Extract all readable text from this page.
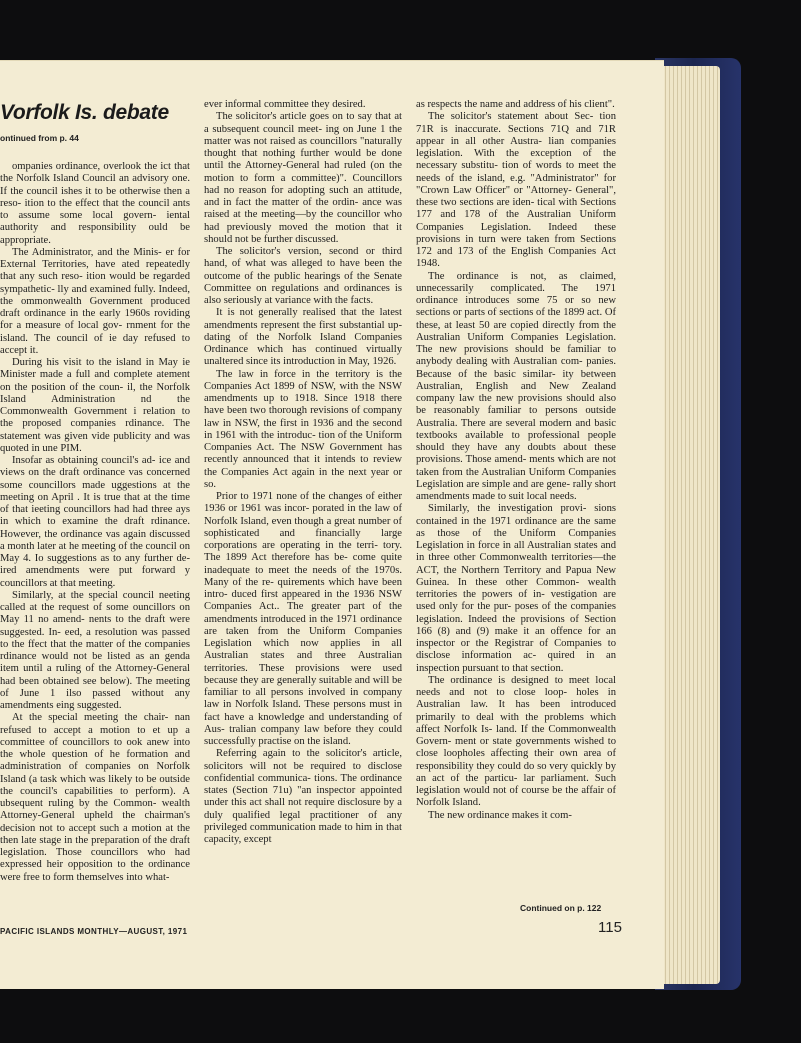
Vorfolk Is. debate
ontinued from p. 44

ompanies ordinance, overlook the ict that the Norfolk Island Council an advisory one. If the council ishes it to be otherwise then a reso- ition to the effect that the council ants to assume some local govern- iental authority and responsibility ould be appropriate.

The Administrator, and the Minis- er for External Territories, have ated repeatedly that any such reso- ition would be regarded sympathetic- lly and examined fully. Indeed, the ommonwealth Government produced draft ordinance in the early 1960s roviding for a measure of local gov- rnment for the island. The council of ie day refused to accept it.

During his visit to the island in May ie Minister made a full and complete atement on the position of the coun- il, the Norfolk Island Administration nd the Commonwealth Government i relation to the proposed companies rdinance. The statement was given vide publicity and was quoted in une PIM.

Insofar as obtaining council's ad- ice and views on the draft ordinance vas concerned some councillors made uggestions at the meeting on April . It is true that at the time of that ieeting councillors had had three ays in which to examine the draft rdinance. However, the ordinance vas again discussed a month later at he meeting of the council on May 4. Io suggestions as to any further de- ired amendments were put forward y councillors at that meeting.

Similarly, at the special council neeting called at the request of some ouncillors on May 11 no amend- nents to the draft were suggested. In- eed, a resolution was passed to the ffect that the matter of the companies rdinance would not be listed as an genda item until a ruling of the Attorney-General had been obtained see below). The meeting of June 1 ilso passed without any amendments eing suggested.

At the special meeting the chair- nan refused to accept a motion to et up a committee of councillors to ook anew into the whole question of he formation and administration of companies on Norfolk Island (a task which was likely to be outside the council's capabilities to perform). A ubsequent ruling by the Common- wealth Attorney-General upheld the chairman's decision not to accept such a motion at the then late stage in the preparation of the draft legislation. Those councillors who had expressed heir opposition to the ordinance were free to form themselves into what-

ever informal committee they desired.

The solicitor's article goes on to say that at a subsequent council meet- ing on June 1 the matter was not raised as councillors "naturally thought that nothing further would be done until the Attorney-General had ruled (on the motion to form a committee)". Councillors had no reason for adopting such an attitude, and in fact the matter of the ordin- ance was raised at the meeting—by the councillor who had previously moved the motion that it should not be further discussed.

The solicitor's version, second or third hand, of what was alleged to have been the outcome of the public hearings of the Senate Committee on regulations and ordinances is also seriously at variance with the facts.

It is not generally realised that the latest amendments represent the first substantial up-dating of the Norfolk Island Companies Ordinance which has continued virtually unaltered since its introduction in May, 1926.

The law in force in the territory is the Companies Act 1899 of NSW, with the NSW amendments up to 1918. Since 1918 there have been two thorough revisions of company law in NSW, the first in 1936 and the second in 1961 with the introduc- tion of the Uniform Companies Act. The NSW Government has recently announced that it intends to review the Companies Act again in the next year or so.

Prior to 1971 none of the changes of either 1936 or 1961 was incor- porated in the law of Norfolk Island, even though a great number of sophisticated and financially large corporations are operating in the terri- tory. The 1899 Act therefore has be- come quite inadequate to meet the needs of the 1970s. Many of the re- quirements which have been intro- duced first appeared in the 1936 NSW Companies Act.. The greater part of the amendments introduced in the 1971 ordinance are taken from the Uniform Companies Legislation which now applies in all Australian states and three Australian territories. These provisions were used because they are generally suitable and will be familiar to all persons involved in company law in Norfolk Island. These persons must in fact have a knowledge and understanding of Aus- tralian company law before they could successfully practise on the island.

Referring again to the solicitor's article, solicitors will not be required to disclose confidential communica- tions. The ordinance states (Section 71u) "an inspector appointed under this act shall not require disclosure by a duly qualified legal practitioner of any privileged communication made to him in that capacity, except

as respects the name and address of his client".

The solicitor's statement about Sec- tion 71R is inaccurate. Sections 71Q and 71R appear in all other Austra- lian companies legislation. With the exception of the necessary substitu- tion of words to meet the needs of the island, e.g. "Administrator" for "Crown Law Officer" or "Attorney- General", these two sections are iden- tical with Sections 177 and 178 of the Australian Uniform Companies Legislation. Indeed these provisions in turn were taken from Sections 172 and 173 of the English Companies Act 1948.

The ordinance is not, as claimed, unnecessarily complicated. The 1971 ordinance introduces some 75 or so new sections or parts of sections of the 1899 act. Of these, at least 50 are copied directly from the Australian Uniform Companies Legislation. The new provisions should be familiar to anybody dealing with Australian com- panies. Because of the basic similar- ity between Australian, English and New Zealand company law the new provisions should also be reasonably familiar to persons outside Australia. There are several modern and basic textbooks available to professional people should they have any doubts about these provisions. Those amend- ments which are not taken from the Australian Uniform Companies Legislation are simple and are gene- rally short amendments made to suit local needs.

Similarly, the investigation provi- sions contained in the 1971 ordinance are the same as those of the Uniform Companies Legislation in force in all Australian states and in three other Commonwealth territories—the ACT, the Northern Territory and Papua New Guinea. In these other Common- wealth territories the powers of in- vestigation are used only for the pur- poses of the companies legislation. Indeed the provisions of Section 166 (8) and (9) make it an offence for an inspector or the Registrar of Companies to disclose information ac- quired in an inspection pursuant to that section.

The ordinance is designed to meet local needs and not to close loop- holes in Australian law. It has been introduced primarily to deal with the problems which affect Norfolk Is- land. If the Commonwealth Govern- ment or state governments wished to close loopholes affecting their own area of responsibility they could do so very quickly by an act of the particu- lar parliament. Such legislation would not of course be the affair of Norfolk Island.

The new ordinance makes it com-

Continued on p. 122
PACIFIC ISLANDS MONTHLY—AUGUST, 1971	115
